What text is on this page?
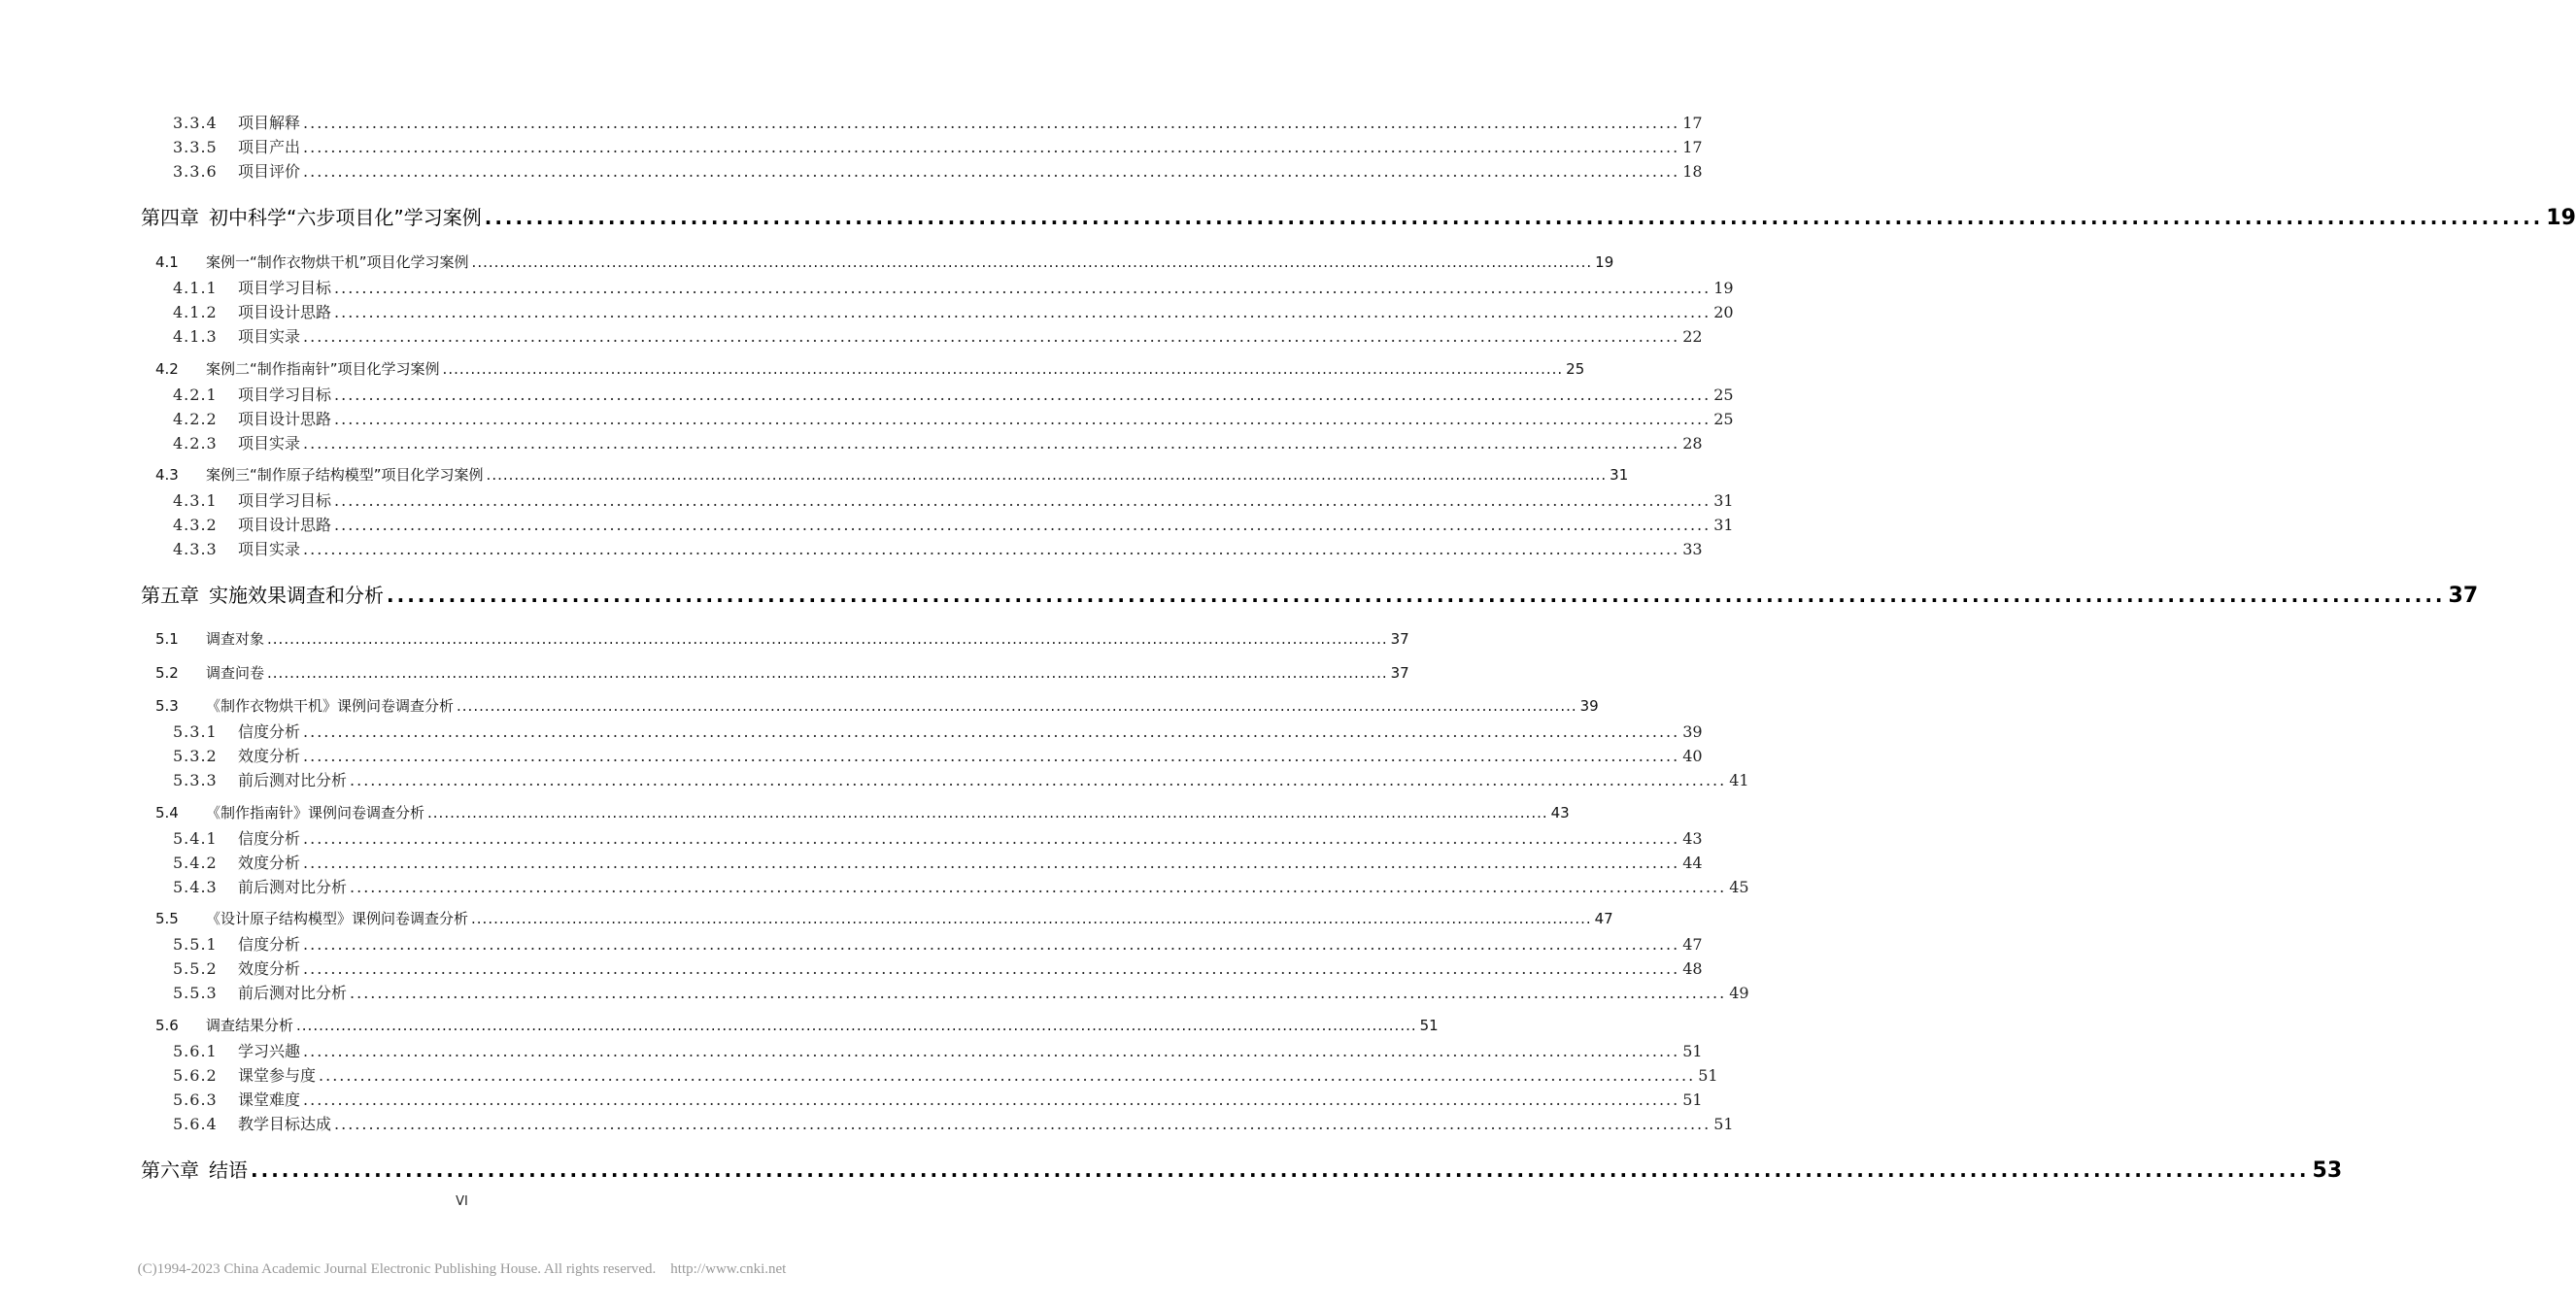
3.3.4	项目解释 ........................................................................................................................................................................................................ 17
3.3.5	项目产出 ........................................................................................................................................................................................................ 17
3.3.6	项目评价 ........................................................................................................................................................................................................ 18
第四章 初中科学“六步项目化”学习案例 ........................................................................................................................................................................................................ 19
4.1	案例一“制作衣物烘干机”项目化学习案例 ........................................................................................................................................................................................................ 19
4.1.1	项目学习目标 ........................................................................................................................................................................................................ 19
4.1.2	项目设计思路 ........................................................................................................................................................................................................ 20
4.1.3	项目实录 ........................................................................................................................................................................................................ 22
4.2	案例二“制作指南针”项目化学习案例 ........................................................................................................................................................................................................ 25
4.2.1	项目学习目标 ........................................................................................................................................................................................................ 25
4.2.2	项目设计思路 ........................................................................................................................................................................................................ 25
4.2.3	项目实录 ........................................................................................................................................................................................................ 28
4.3	案例三“制作原子结构模型”项目化学习案例 ........................................................................................................................................................................................................ 31
4.3.1	项目学习目标 ........................................................................................................................................................................................................ 31
4.3.2	项目设计思路 ........................................................................................................................................................................................................ 31
4.3.3	项目实录 ........................................................................................................................................................................................................ 33
第五章 实施效果调查和分析 ........................................................................................................................................................................................................ 37
5.1	调查对象 ........................................................................................................................................................................................................ 37
5.2	调查问卷 ........................................................................................................................................................................................................ 37
5.3	《制作衣物烘干机》课例问卷调查分析 ........................................................................................................................................................................................................ 39
5.3.1	信度分析 ........................................................................................................................................................................................................ 39
5.3.2	效度分析 ........................................................................................................................................................................................................ 40
5.3.3	前后测对比分析 ........................................................................................................................................................................................................ 41
5.4	《制作指南针》课例问卷调查分析 ........................................................................................................................................................................................................ 43
5.4.1	信度分析 ........................................................................................................................................................................................................ 43
5.4.2	效度分析 ........................................................................................................................................................................................................ 44
5.4.3	前后测对比分析 ........................................................................................................................................................................................................ 45
5.5	《设计原子结构模型》课例问卷调查分析 ........................................................................................................................................................................................................ 47
5.5.1	信度分析 ........................................................................................................................................................................................................ 47
5.5.2	效度分析 ........................................................................................................................................................................................................ 48
5.5.3	前后测对比分析 ........................................................................................................................................................................................................ 49
5.6	调查结果分析 ........................................................................................................................................................................................................ 51
5.6.1	学习兴趣 ........................................................................................................................................................................................................ 51
5.6.2	课堂参与度 ........................................................................................................................................................................................................ 51
5.6.3	课堂难度 ........................................................................................................................................................................................................ 51
5.6.4	教学目标达成 ........................................................................................................................................................................................................ 51
第六章 结语 ........................................................................................................................................................................................................ 53
VI
(C)1994-2023 China Academic Journal Electronic Publishing House. All rights reserved.    http://www.cnki.net
